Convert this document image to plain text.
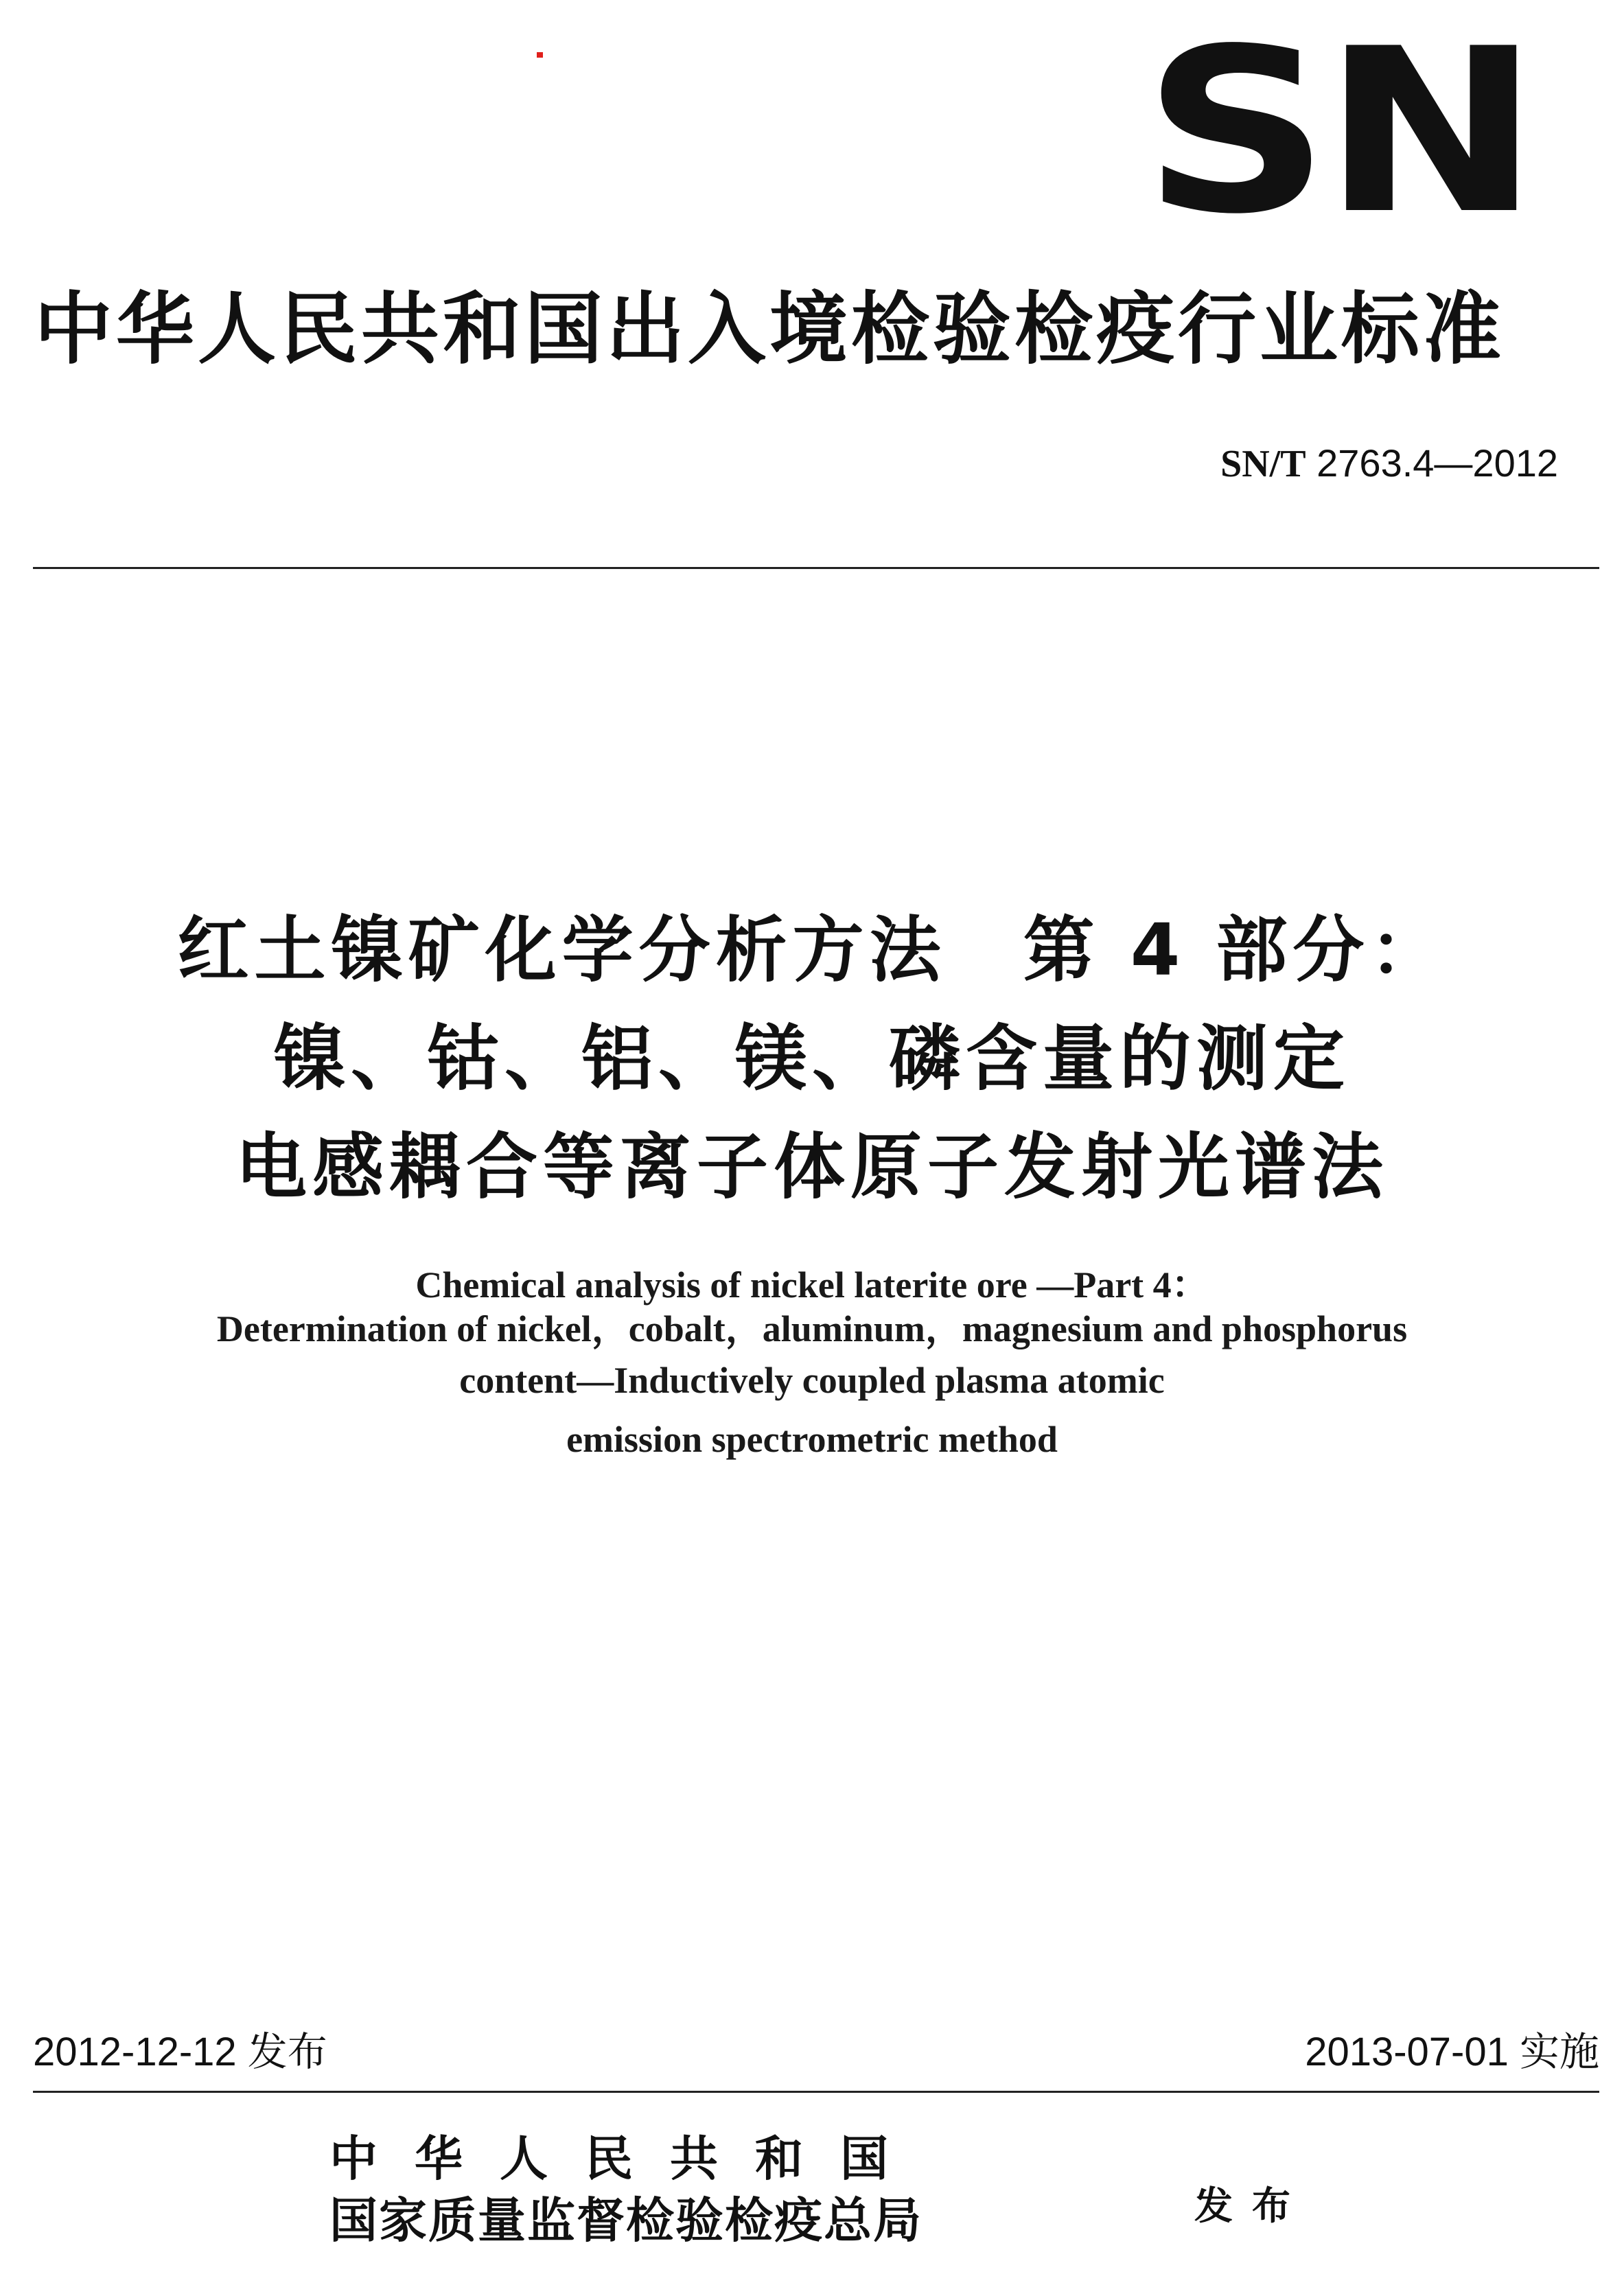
SN
中华人民共和国出入境检验检疫行业标准
SN/T 2763.4—2012
红土镍矿化学分析方法　第 4 部分：
镍、钴、铝、镁、磷含量的测定
电感耦合等离子体原子发射光谱法
Chemical analysis of nickel laterite ore —Part 4：
Determination of nickel，cobalt，aluminum，magnesium and phosphorus
content—Inductively coupled plasma atomic
emission spectrometric method
2012-12-12 发布	2013-07-01 实施
中华人民共和国
国家质量监督检验检疫总局	发布
